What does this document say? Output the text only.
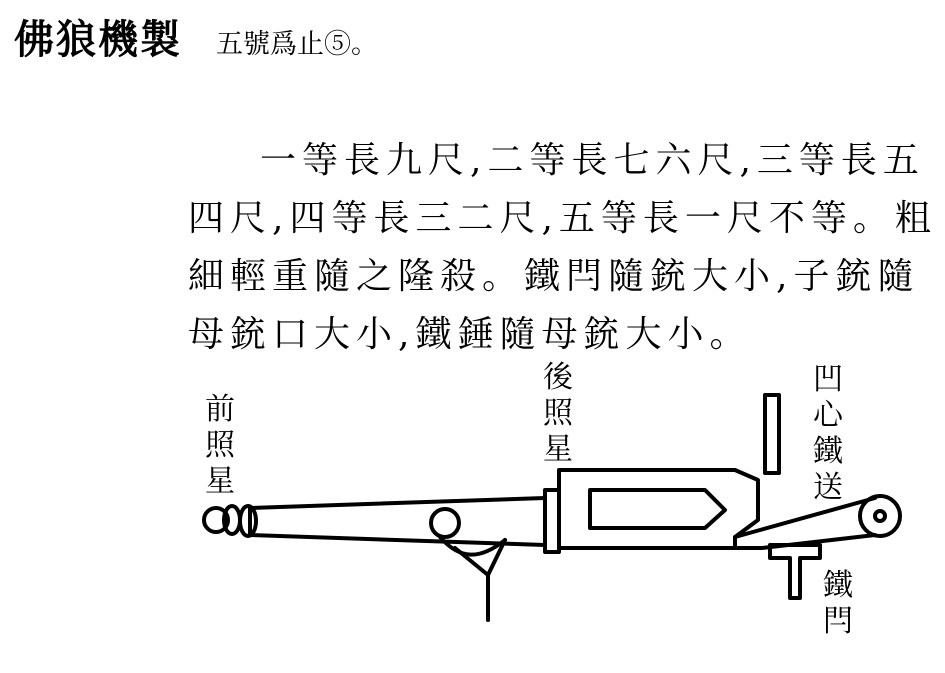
佛狼機製 五號爲止⑤。
一等長九尺,二等長七六尺,三等長五
四尺,四等長三二尺,五等長一尺不等。粗
細輕重隨之隆殺。鐵閂隨銃大小,子銃隨
母銃口大小,鐵錘隨母銃大小。
前照星
後照星
凹心鐵送
鐵閂
